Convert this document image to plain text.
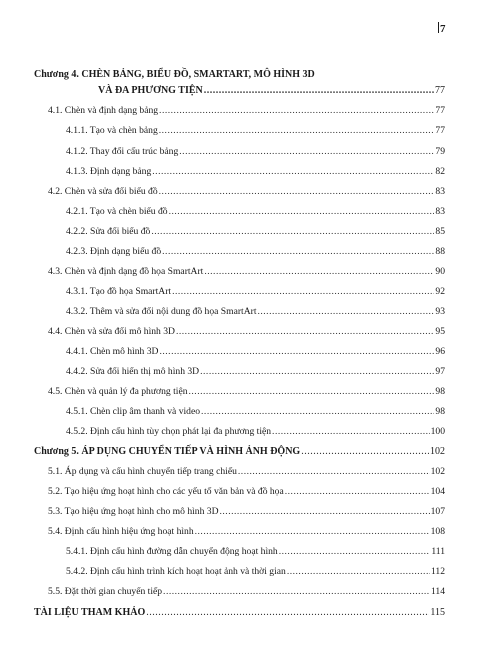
7
Chương 4. CHÈN BẢNG, BIỂU ĐỒ, SMARTART, MÔ HÌNH 3D
VÀ ĐA PHƯƠNG TIỆN .....	77
4.1. Chèn và định dạng bảng .....	77
4.1.1. Tạo và chèn bảng .....	77
4.1.2. Thay đổi cấu trúc bảng .....	79
4.1.3. Định dạng bảng .....	82
4.2. Chèn và sửa đổi biểu đồ .....	83
4.2.1. Tạo và chèn biểu đồ .....	83
4.2.2. Sửa đổi biểu đồ .....	85
4.2.3. Định dạng biểu đồ .....	88
4.3. Chèn và định dạng đồ họa SmartArt .....	90
4.3.1. Tạo đồ họa SmartArt .....	92
4.3.2. Thêm và sửa đổi nội dung đồ họa SmartArt .....	93
4.4. Chèn và sửa đổi mô hình 3D .....	95
4.4.1. Chèn mô hình 3D .....	96
4.4.2. Sửa đổi hiển thị mô hình 3D .....	97
4.5. Chèn và quản lý đa phương tiện .....	98
4.5.1. Chèn clip âm thanh và video .....	98
4.5.2. Định cấu hình tùy chọn phát lại đa phương tiện .....	100
Chương 5. ÁP DỤNG CHUYỂN TIẾP VÀ HÌNH ẢNH ĐỘNG .....	102
5.1. Áp dụng và cấu hình chuyển tiếp trang chiếu .....	102
5.2. Tạo hiệu ứng hoạt hình cho các yếu tố văn bản và đồ họa .....	104
5.3. Tạo hiệu ứng hoạt hình cho mô hình 3D .....	107
5.4. Định cấu hình hiệu ứng hoạt hình .....	108
5.4.1. Định cấu hình đường dẫn chuyển động hoạt hình .....	111
5.4.2. Định cấu hình trình kích hoạt hoạt ảnh và thời gian .....	112
5.5. Đặt thời gian chuyển tiếp .....	114
TÀI LIỆU THAM KHẢO .....	115
